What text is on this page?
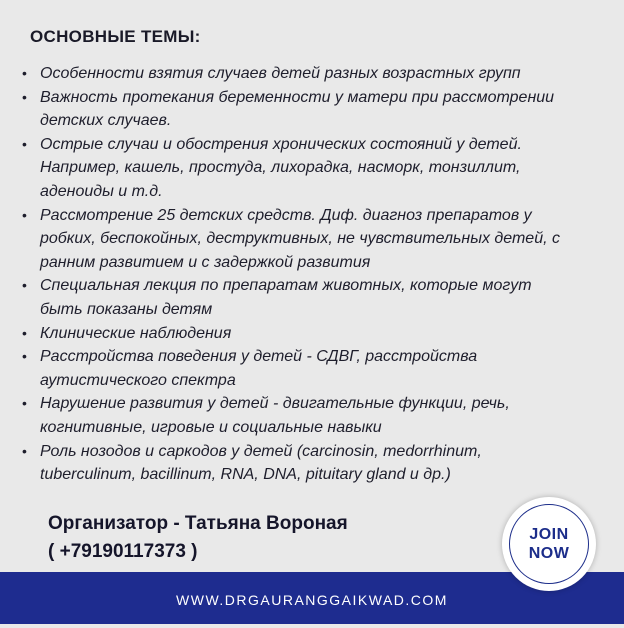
ОСНОВНЫЕ ТЕМЫ:
• Особенности взятия случаев детей разных возрастных групп
• Важность протекания беременности у матери при рассмотрении
детских случаев.
• Острые случаи и обострения хронических состояний у детей.
Например, кашель, простуда, лихорадка, насморк, тонзиллит,
аденоиды и т.д.
• Рассмотрение 25 детских средств. Диф. диагноз препаратов у
робких, беспокойных, деструктивных, не чувствительных детей, с
ранним развитием и с задержкой развития
• Специальная лекция по препаратам животных, которые могут
быть показаны детям
• Клинические наблюдения
• Расстройства поведения у детей - СДВГ, расстройства
аутистического спектра
• Нарушение развития у детей - двигательные функции, речь,
когнитивные, игровые и социальные навыки
• Роль нозодов и саркодов у детей (carcinosin, medorrhinum,
tuberculinum, bacillinum, RNA, DNA, pituitary gland и др.)
Организатор - Татьяна Вороная
( +79190117373 )
WWW.DRGAURANGGAIKWAD.COM
JOIN
NOW
